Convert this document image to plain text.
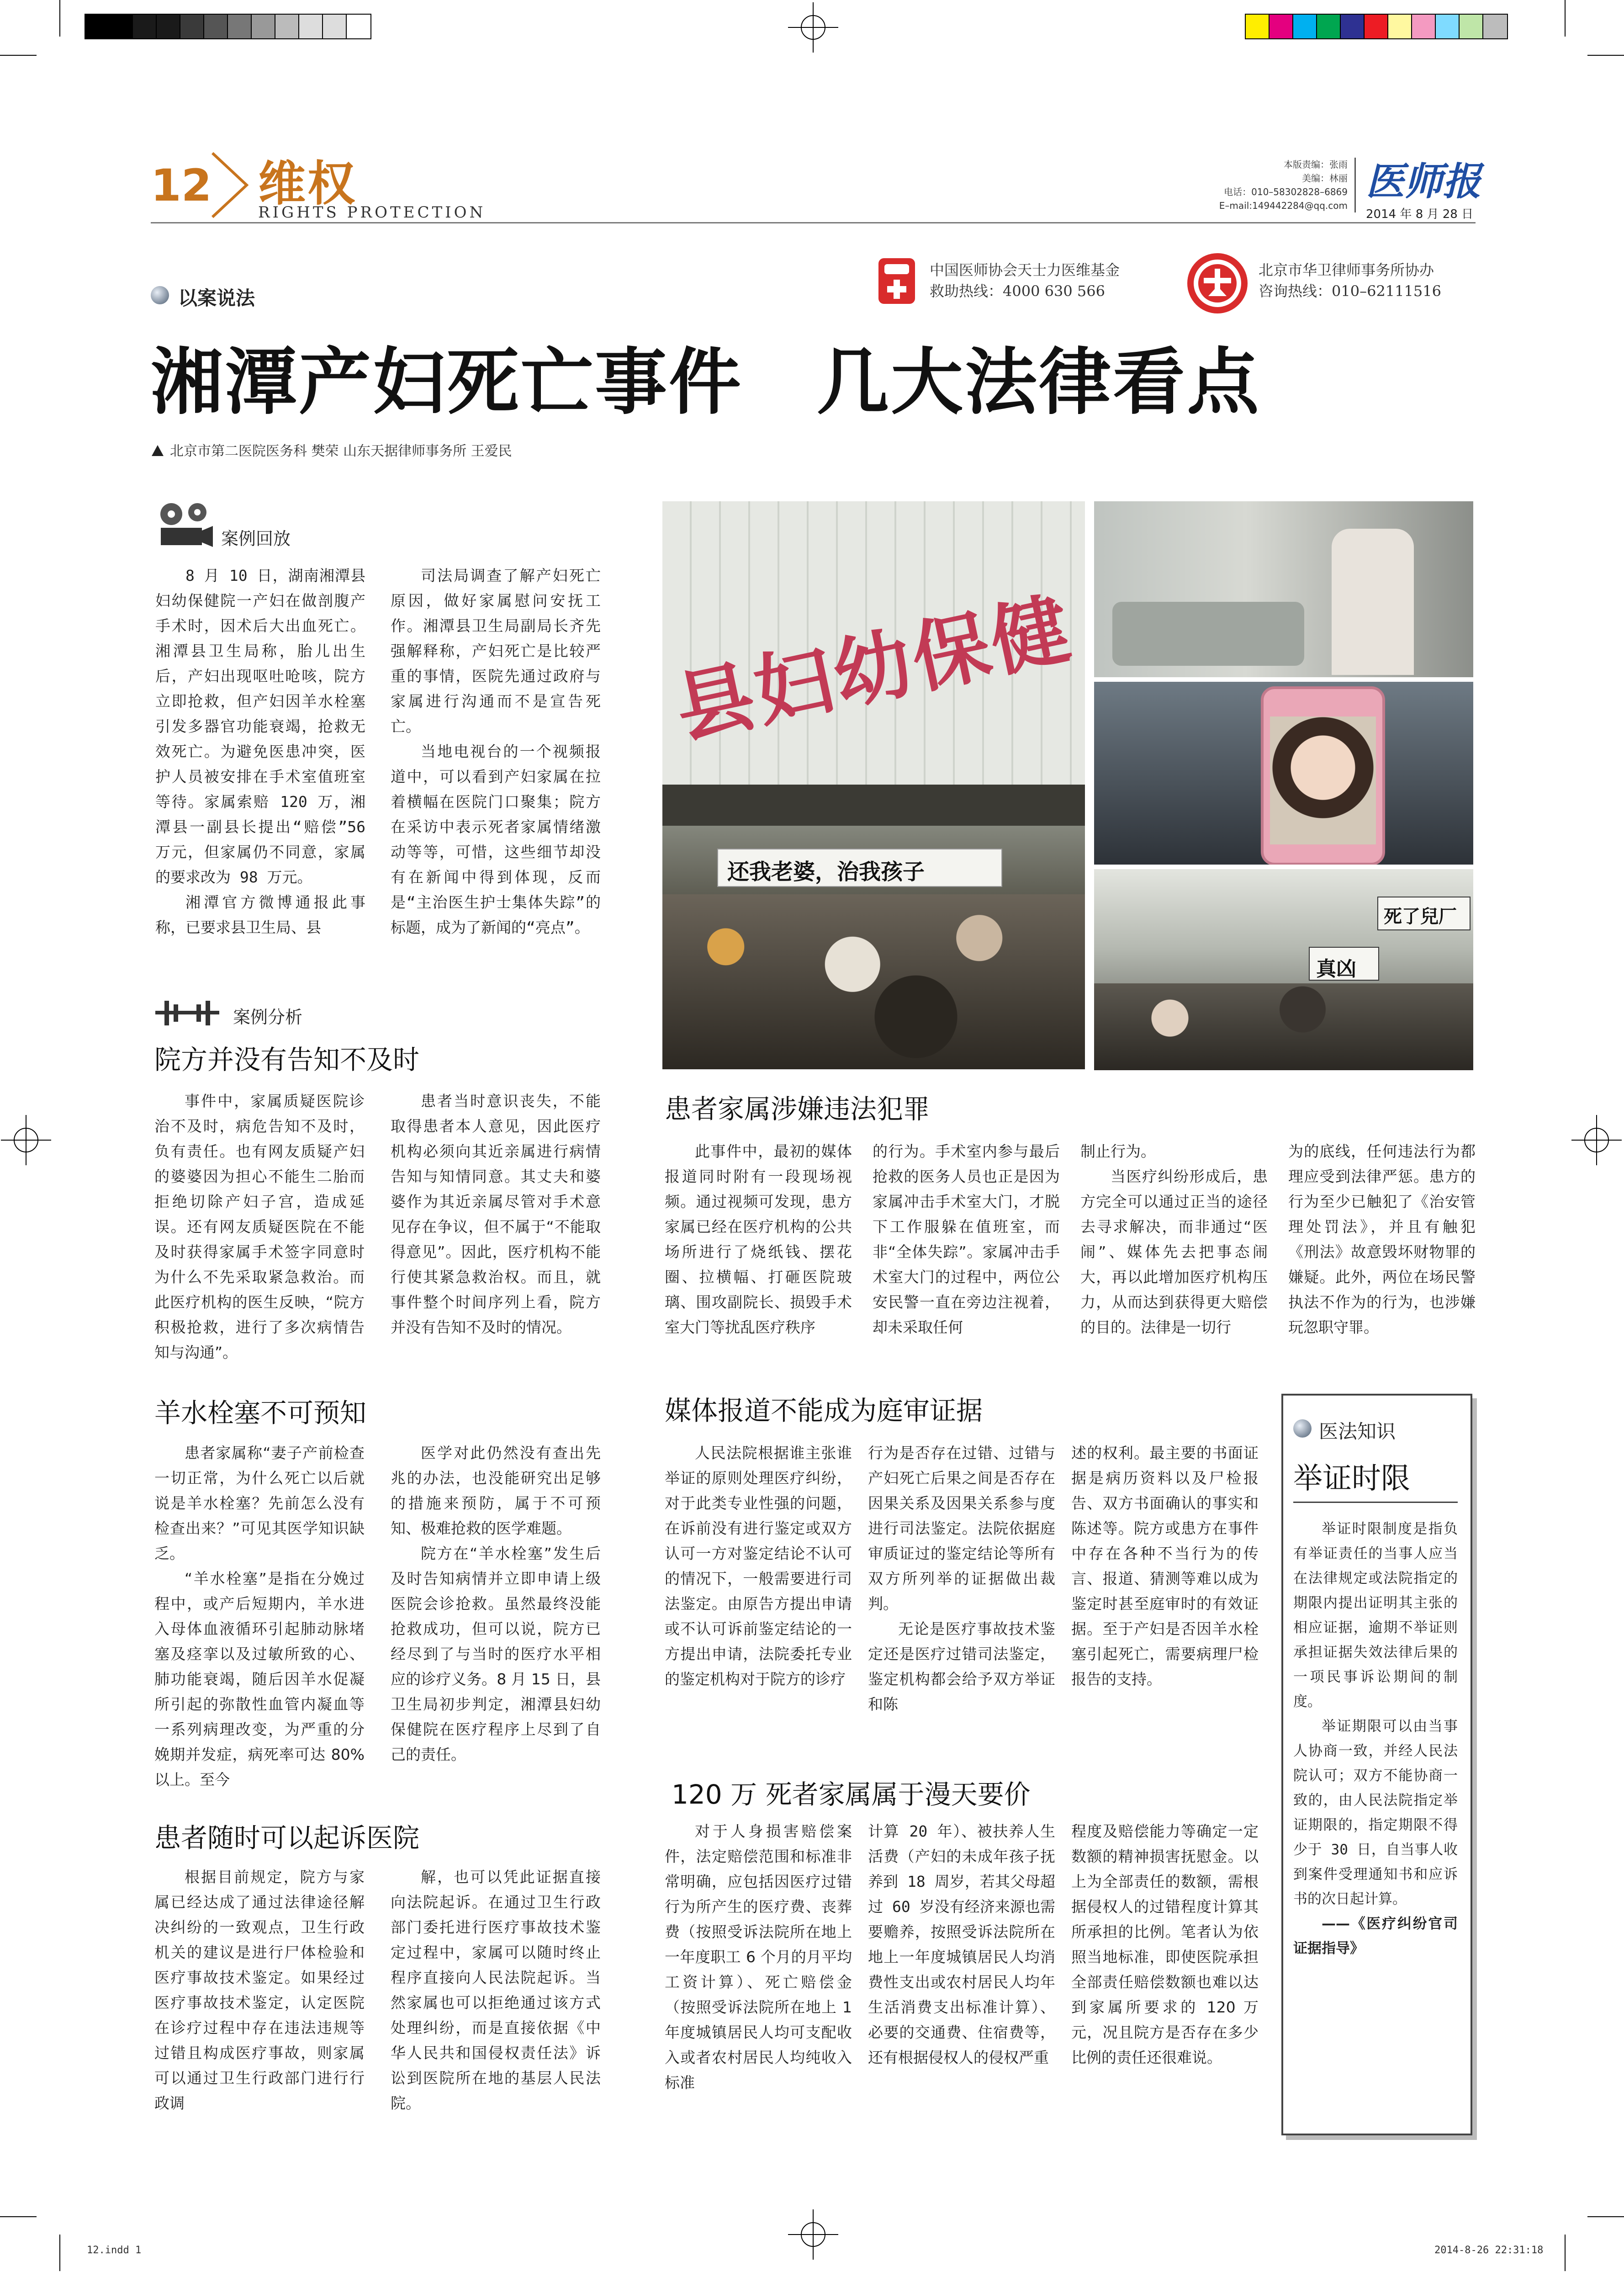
12 维权
RIGHTS PROTECTION
本版责编：张雨
美编：林丽
电话：010–58302828–6869
E–mail:149442284@qq.com
医师报
2014 年 8 月 28 日
以案说法
中国医师协会天士力医维基金
救助热线：4000 630 566
北京市华卫律师事务所协办
咨询热线：010–62111516
湘潭产妇死亡事件　几大法律看点
北京市第二医院医务科 樊荣 山东天据律师事务所 王爱民
案例回放

8 月 10 日，湖南湘潭县妇幼保健院一产妇在做剖腹产手术时，因术后大出血死亡。湘潭县卫生局称，胎儿出生后，产妇出现呕吐呛咳，院方立即抢救，但产妇因羊水栓塞引发多器官功能衰竭，抢救无效死亡。为避免医患冲突，医护人员被安排在手术室值班室等待。家属索赔 120 万，湘潭县一副县长提出“赔偿”56 万元，但家属仍不同意，家属的要求改为 98 万元。

湘潭官方微博通报此事称，已要求县卫生局、县

司法局调查了解产妇死亡原因，做好家属慰问安抚工作。湘潭县卫生局副局长齐先强解释称，产妇死亡是比较严重的事情，医院先通过政府与家属进行沟通而不是宣告死亡。

当地电视台的一个视频报道中，可以看到产妇家属在拉着横幅在医院门口聚集；院方在采访中表示死者家属情绪激动等等，可惜，这些细节却没有在新闻中得到体现，反而是“主治医生护士集体失踪”的标题，成为了新闻的“亮点”。

县妇幼保健
还我老婆，治我孩子
死了兒厂
真凶
案例分析
院方并没有告知不及时

事件中，家属质疑医院诊治不及时，病危告知不及时，负有责任。也有网友质疑产妇的婆婆因为担心不能生二胎而拒绝切除产妇子宫，造成延误。还有网友质疑医院在不能及时获得家属手术签字同意时为什么不先采取紧急救治。而此医疗机构的医生反映，“院方积极抢救，进行了多次病情告知与沟通”。

患者当时意识丧失，不能取得患者本人意见，因此医疗机构必须向其近亲属进行病情告知与知情同意。其丈夫和婆婆作为其近亲属尽管对手术意见存在争议，但不属于“不能取得意见”。因此，医疗机构不能行使其紧急救治权。而且，就事件整个时间序列上看，院方并没有告知不及时的情况。

羊水栓塞不可预知

患者家属称“妻子产前检查一切正常，为什么死亡以后就说是羊水栓塞？先前怎么没有检查出来？”可见其医学知识缺乏。

“羊水栓塞”是指在分娩过程中，或产后短期内，羊水进入母体血液循环引起肺动脉堵塞及痉挛以及过敏所致的心、肺功能衰竭，随后因羊水促凝所引起的弥散性血管内凝血等一系列病理改变，为严重的分娩期并发症，病死率可达 80% 以上。至今

医学对此仍然没有查出先兆的办法，也没能研究出足够的措施来预防，属于不可预知、极难抢救的医学难题。

院方在“羊水栓塞”发生后及时告知病情并立即申请上级医院会诊抢救。虽然最终没能抢救成功，但可以说，院方已经尽到了与当时的医疗水平相应的诊疗义务。8 月 15 日，县卫生局初步判定，湘潭县妇幼保健院在医疗程序上尽到了自己的责任。

患者随时可以起诉医院

根据目前规定，院方与家属已经达成了通过法律途径解决纠纷的一致观点，卫生行政机关的建议是进行尸体检验和医疗事故技术鉴定。如果经过医疗事故技术鉴定，认定医院在诊疗过程中存在违法违规等过错且构成医疗事故，则家属可以通过卫生行政部门进行行政调

解，也可以凭此证据直接向法院起诉。在通过卫生行政部门委托进行医疗事故技术鉴定过程中，家属可以随时终止程序直接向人民法院起诉。当然家属也可以拒绝通过该方式处理纠纷，而是直接依据《中华人民共和国侵权责任法》诉讼到医院所在地的基层人民法院。

患者家属涉嫌违法犯罪

此事件中，最初的媒体报道同时附有一段现场视频。通过视频可发现，患方家属已经在医疗机构的公共场所进行了烧纸钱、摆花圈、拉横幅、打砸医院玻璃、围攻副院长、损毁手术室大门等扰乱医疗秩序

的行为。手术室内参与最后抢救的医务人员也正是因为家属冲击手术室大门，才脱下工作服躲在值班室，而非“全体失踪”。家属冲击手术室大门的过程中，两位公安民警一直在旁边注视着，却未采取任何

制止行为。

当医疗纠纷形成后，患方完全可以通过正当的途径去寻求解决，而非通过“医闹”、媒体先去把事态闹大，再以此增加医疗机构压力，从而达到获得更大赔偿的目的。法律是一切行

为的底线，任何违法行为都理应受到法律严惩。患方的行为至少已触犯了《治安管理处罚法》，并且有触犯《刑法》故意毁坏财物罪的嫌疑。此外，两位在场民警执法不作为的行为，也涉嫌玩忽职守罪。

媒体报道不能成为庭审证据

人民法院根据谁主张谁举证的原则处理医疗纠纷，对于此类专业性强的问题，在诉前没有进行鉴定或双方认可一方对鉴定结论不认可的情况下，一般需要进行司法鉴定。由原告方提出申请或不认可诉前鉴定结论的一方提出申请，法院委托专业的鉴定机构对于院方的诊疗

行为是否存在过错、过错与产妇死亡后果之间是否存在因果关系及因果关系参与度进行司法鉴定。法院依据庭审质证过的鉴定结论等所有双方所列举的证据做出裁判。

无论是医疗事故技术鉴定还是医疗过错司法鉴定，鉴定机构都会给予双方举证和陈

述的权利。最主要的书面证据是病历资料以及尸检报告、双方书面确认的事实和陈述等。院方或患方在事件中存在各种不当行为的传言、报道、猜测等难以成为鉴定时甚至庭审时的有效证据。至于产妇是否因羊水栓塞引起死亡，需要病理尸检报告的支持。

120 万 死者家属属于漫天要价

对于人身损害赔偿案件，法定赔偿范围和标准非常明确，应包括因医疗过错行为所产生的医疗费、丧葬费（按照受诉法院所在地上一年度职工 6 个月的月平均工资计算）、死亡赔偿金（按照受诉法院所在地上 1 年度城镇居民人均可支配收入或者农村居民人均纯收入标准

计算 20 年）、被扶养人生活费（产妇的未成年孩子抚养到 18 周岁，若其父母超过 60 岁没有经济来源也需要赡养，按照受诉法院所在地上一年度城镇居民人均消费性支出或农村居民人均年生活消费支出标准计算）、必要的交通费、住宿费等，还有根据侵权人的侵权严重

程度及赔偿能力等确定一定数额的精神损害抚慰金。以上为全部责任的数额，需根据侵权人的过错程度计算其所承担的比例。笔者认为依照当地标准，即使医院承担全部责任赔偿数额也难以达到家属所要求的 120 万元，况且院方是否存在多少比例的责任还很难说。

医法知识
举证时限

举证时限制度是指负有举证责任的当事人应当在法律规定或法院指定的期限内提出证明其主张的相应证据，逾期不举证则承担证据失效法律后果的一项民事诉讼期间的制度。

举证期限可以由当事人协商一致，并经人民法院认可；双方不能协商一致的，由人民法院指定举证期限的，指定期限不得少于 30 日，自当事人收到案件受理通知书和应诉书的次日起计算。

——《医疗纠纷官司证据指导》

12.indd 1	2014-8-26 22:31:18
